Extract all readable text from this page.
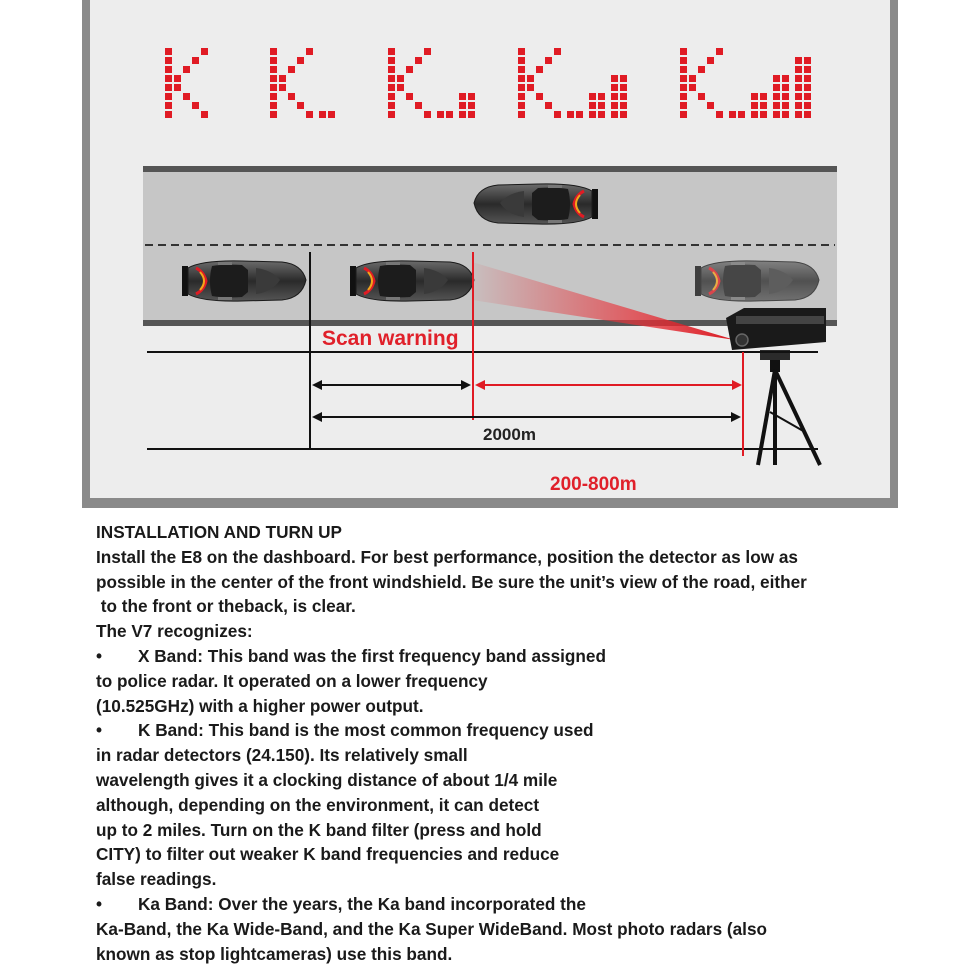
Scan warning
2000m
200-800m
INSTALLATION AND TURN UP
Install the E8 on the dashboard. For best performance, position the detector as low as
possible in the center of the front windshield. Be sure the unit’s view of the road, either
to the front or theback, is clear.
The V7 recognizes:
• X Band: This band was the first frequency band assigned
to police radar. It operated on a lower frequency
(10.525GHz) with a higher power output.
• K Band: This band is the most common frequency used
in radar detectors (24.150). Its relatively small
wavelength gives it a clocking distance of about 1/4 mile
although, depending on the environment, it can detect
up to 2 miles. Turn on the K band filter (press and hold
CITY) to filter out weaker K band frequencies and reduce
false readings.
• Ka Band: Over the years, the Ka band incorporated the
Ka-Band, the Ka Wide-Band, and the Ka Super WideBand. Most photo radars (also
known as stop lightcameras) use this band.
